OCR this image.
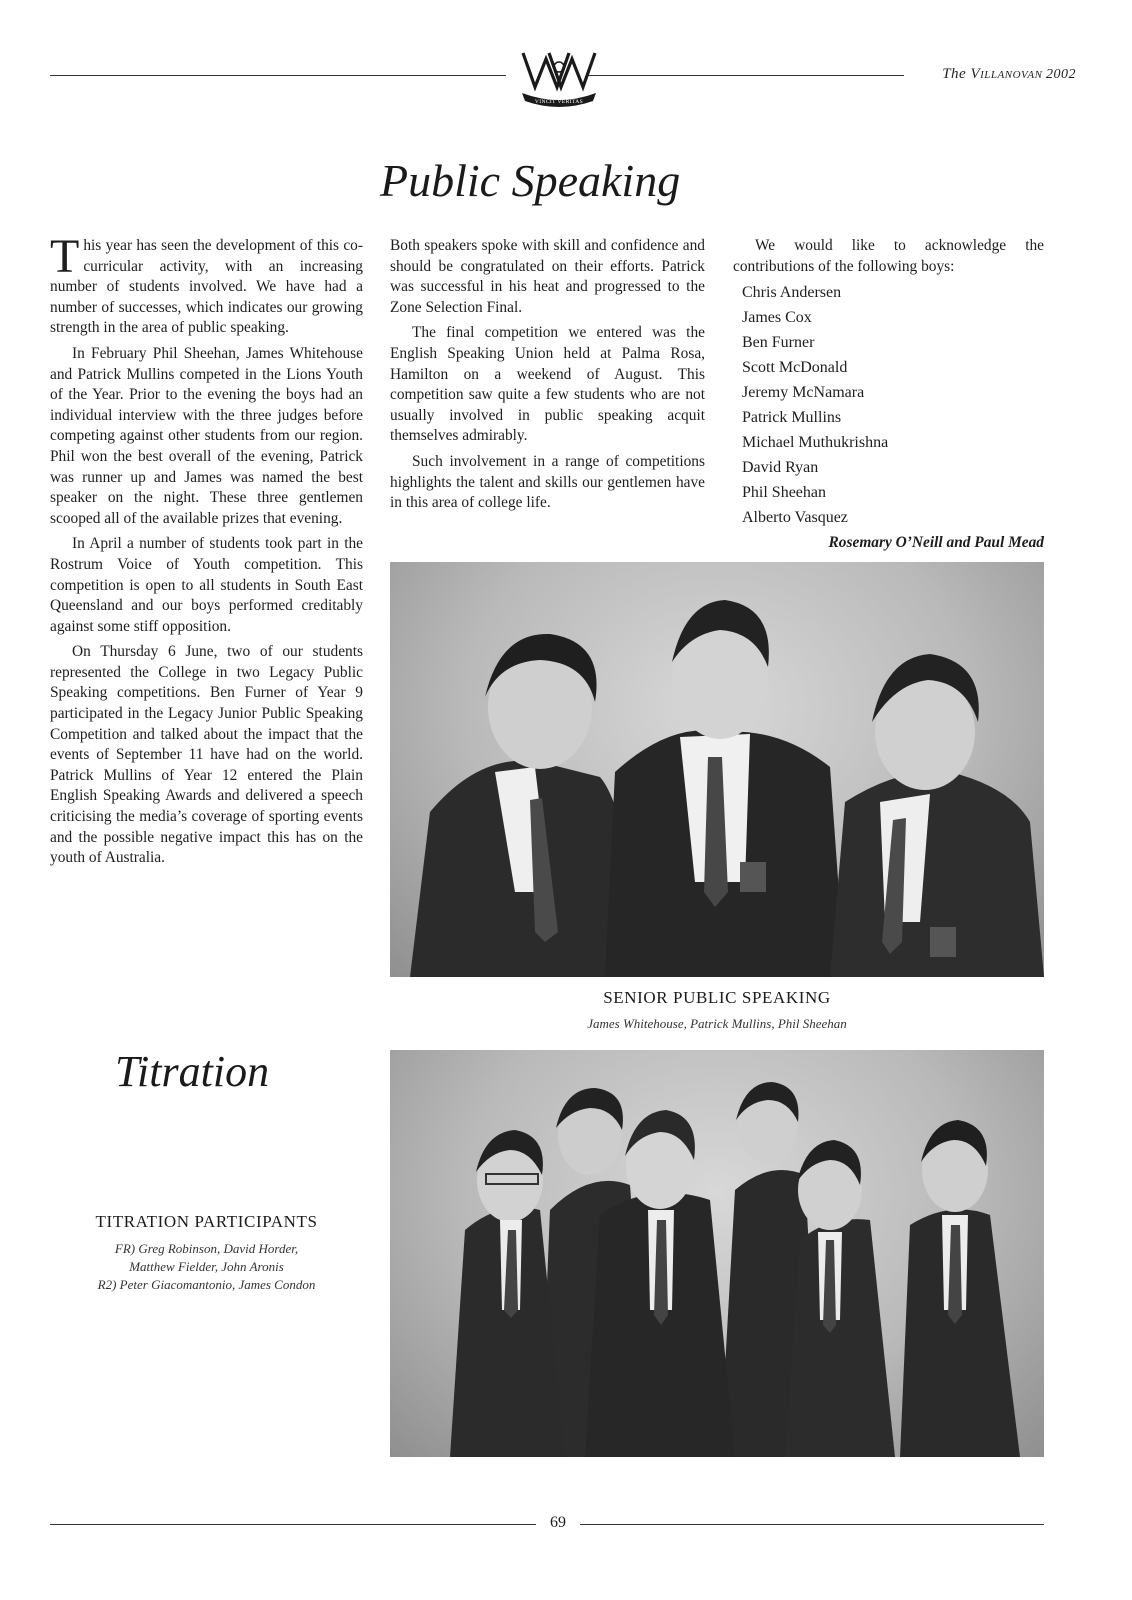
VINCIT VERITAS
The Villanovan 2002
Public Speaking

This year has seen the development of this co-curricular activity, with an increasing number of students involved. We have had a number of successes, which indicates our growing strength in the area of public speaking.

In February Phil Sheehan, James Whitehouse and Patrick Mullins competed in the Lions Youth of the Year. Prior to the evening the boys had an individual interview with the three judges before competing against other students from our region. Phil won the best overall of the evening, Patrick was runner up and James was named the best speaker on the night. These three gentlemen scooped all of the available prizes that evening.

In April a number of students took part in the Rostrum Voice of Youth competition. This competition is open to all students in South East Queensland and our boys performed creditably against some stiff opposition.

On Thursday 6 June, two of our students represented the College in two Legacy Public Speaking competitions. Ben Furner of Year 9 participated in the Legacy Junior Public Speaking Competition and talked about the impact that the events of September 11 have had on the world. Patrick Mullins of Year 12 entered the Plain English Speaking Awards and delivered a speech criticising the media’s coverage of sporting events and the possible negative impact this has on the youth of Australia.

Both speakers spoke with skill and confidence and should be congratulated on their efforts. Patrick was successful in his heat and progressed to the Zone Selection Final.

The final competition we entered was the English Speaking Union held at Palma Rosa, Hamilton on a weekend of August. This competition saw quite a few students who are not usually involved in public speaking acquit themselves admirably.

Such involvement in a range of competitions highlights the talent and skills our gentlemen have in this area of college life.

We would like to acknowledge the contributions of the following boys:

Chris Andersen
James Cox
Ben Furner
Scott McDonald
Jeremy McNamara
Patrick Mullins
Michael Muthukrishna
David Ryan
Phil Sheehan
Alberto Vasquez
Rosemary O’Neill and Paul Mead
SENIOR PUBLIC SPEAKING
James Whitehouse, Patrick Mullins, Phil Sheehan
Titration
TITRATION PARTICIPANTS
FR) Greg Robinson, David Horder,
Matthew Fielder, John Aronis
R2) Peter Giacomantonio, James Condon
69
